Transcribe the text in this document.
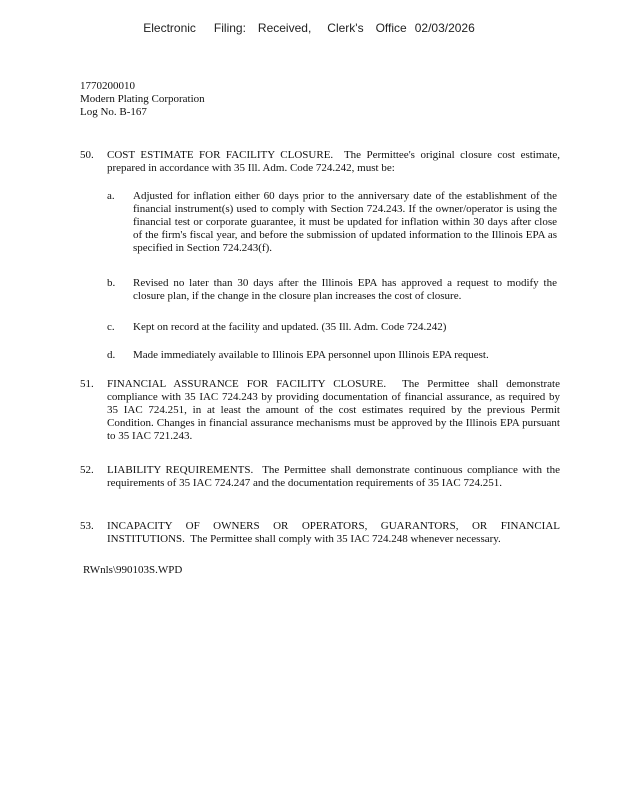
Electronic Filing: Received, Clerk's Office 02/03/2026
1770200010
Modern Plating Corporation
Log No. B-167
50.	COST ESTIMATE FOR FACILITY CLOSURE. The Permittee's original closure cost estimate, prepared in accordance with 35 Ill. Adm. Code 724.242, must be:
a.	Adjusted for inflation either 60 days prior to the anniversary date of the establishment of the financial instrument(s) used to comply with Section 724.243. If the owner/operator is using the financial test or corporate guarantee, it must be updated for inflation within 30 days after close of the firm's fiscal year, and before the submission of updated information to the Illinois EPA as specified in Section 724.243(f).
b.	Revised no later than 30 days after the Illinois EPA has approved a request to modify the closure plan, if the change in the closure plan increases the cost of closure.
c.	Kept on record at the facility and updated. (35 Ill. Adm. Code 724.242)
d.	Made immediately available to Illinois EPA personnel upon Illinois EPA request.
51.	FINANCIAL ASSURANCE FOR FACILITY CLOSURE. The Permittee shall demonstrate compliance with 35 IAC 724.243 by providing documentation of financial assurance, as required by 35 IAC 724.251, in at least the amount of the cost estimates required by the previous Permit Condition. Changes in financial assurance mechanisms must be approved by the Illinois EPA pursuant to 35 IAC 721.243.
52.	LIABILITY REQUIREMENTS. The Permittee shall demonstrate continuous compliance with the requirements of 35 IAC 724.247 and the documentation requirements of 35 IAC 724.251.
53.	INCAPACITY OF OWNERS OR OPERATORS, GUARANTORS, OR FINANCIAL INSTITUTIONS. The Permittee shall comply with 35 IAC 724.248 whenever necessary.
RWnls\990103S.WPD
